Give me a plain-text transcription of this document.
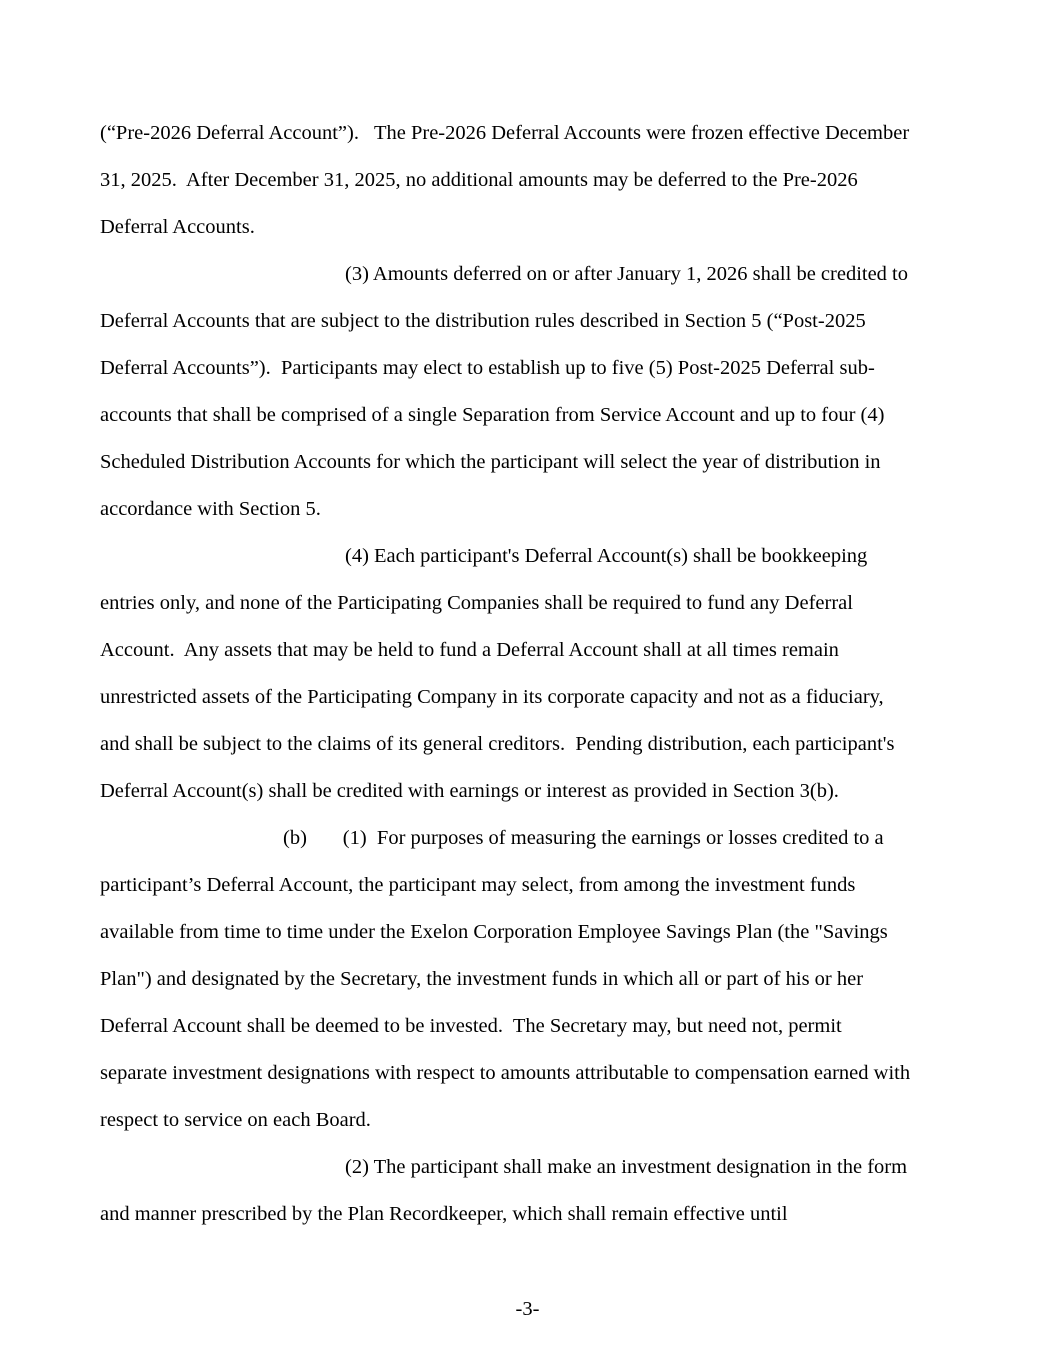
(“Pre-2026 Deferral Account”).   The Pre-2026 Deferral Accounts were frozen effective December 31, 2025.  After December 31, 2025, no additional amounts may be deferred to the Pre-2026 Deferral Accounts.

(3) Amounts deferred on or after January 1, 2026 shall be credited to Deferral Accounts that are subject to the distribution rules described in Section 5 (“Post-2025 Deferral Accounts”).  Participants may elect to establish up to five (5) Post-2025 Deferral sub-accounts that shall be comprised of a single Separation from Service Account and up to four (4) Scheduled Distribution Accounts for which the participant will select the year of distribution in accordance with Section 5.

(4) Each participant's Deferral Account(s) shall be bookkeeping entries only, and none of the Participating Companies shall be required to fund any Deferral Account.  Any assets that may be held to fund a Deferral Account shall at all times remain unrestricted assets of the Participating Company in its corporate capacity and not as a fiduciary, and shall be subject to the claims of its general creditors.  Pending distribution, each participant's Deferral Account(s) shall be credited with earnings or interest as provided in Section 3(b).

(b)       (1)  For purposes of measuring the earnings or losses credited to a participant’s Deferral Account, the participant may select, from among the investment funds available from time to time under the Exelon Corporation Employee Savings Plan (the "Savings Plan") and designated by the Secretary, the investment funds in which all or part of his or her Deferral Account shall be deemed to be invested.  The Secretary may, but need not, permit separate investment designations with respect to amounts attributable to compensation earned with respect to service on each Board.

(2) The participant shall make an investment designation in the form and manner prescribed by the Plan Recordkeeper, which shall remain effective until

-3-
